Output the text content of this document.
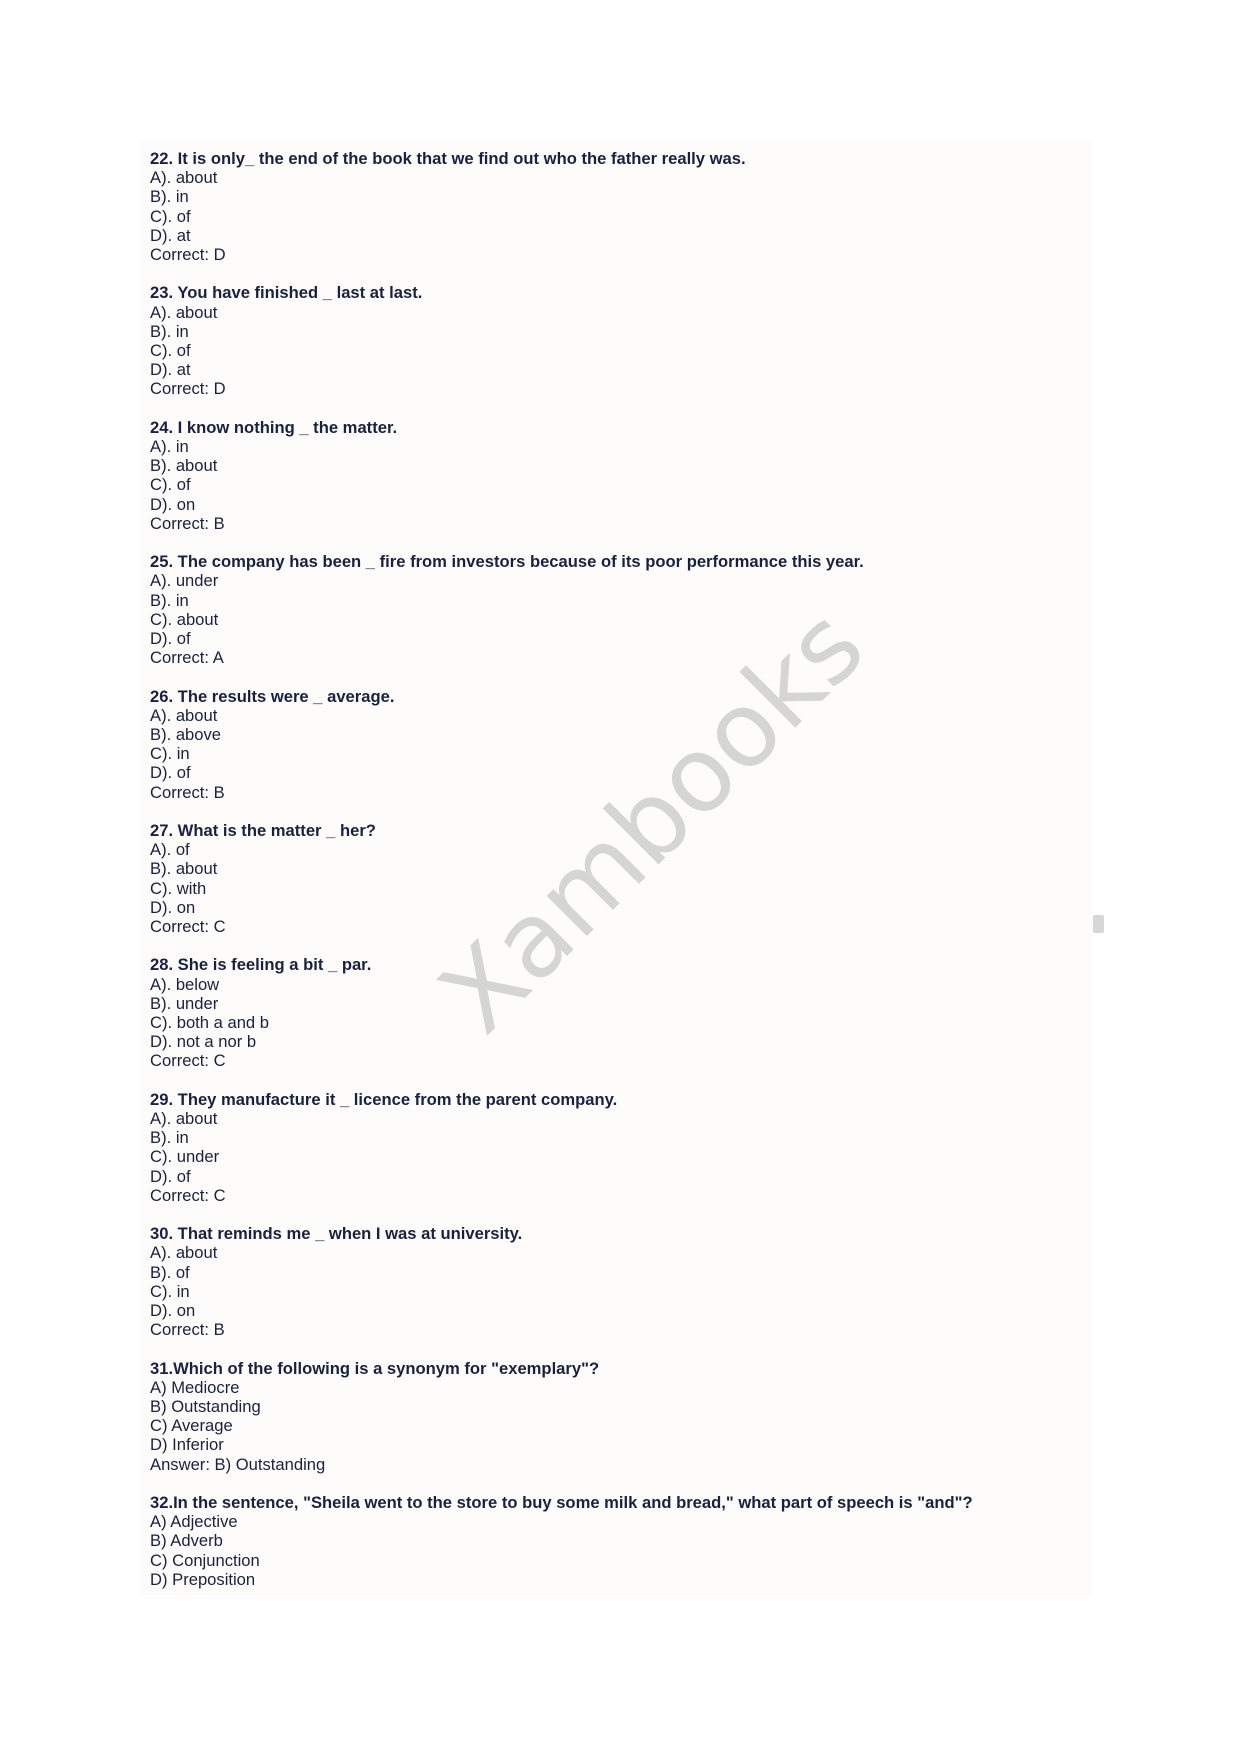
22. It is only_ the end of the book that we find out who the father really was.
A). about
B). in
C). of
D). at
Correct: D
23. You have finished _ last at last.
A). about
B). in
C). of
D). at
Correct: D
24. I know nothing _ the matter.
A). in
B). about
C). of
D). on
Correct: B
25. The company has been _ fire from investors because of its poor performance this year.
A). under
B). in
C). about
D). of
Correct: A
26. The results were _ average.
A). about
B). above
C). in
D). of
Correct: B
27. What is the matter _ her?
A). of
B). about
C). with
D). on
Correct: C
28. She is feeling a bit _ par.
A). below
B). under
C). both a and b
D). not a nor b
Correct: C
29. They manufacture it _ licence from the parent company.
A). about
B). in
C). under
D). of
Correct: C
30. That reminds me _ when I was at university.
A). about
B). of
C). in
D). on
Correct: B
31.Which of the following is a synonym for "exemplary"?
A) Mediocre
B) Outstanding
C) Average
D) Inferior
Answer: B) Outstanding
32.In the sentence, "Sheila went to the store to buy some milk and bread," what part of speech is "and"?
A) Adjective
B) Adverb
C) Conjunction
D) Preposition
Xambooks
